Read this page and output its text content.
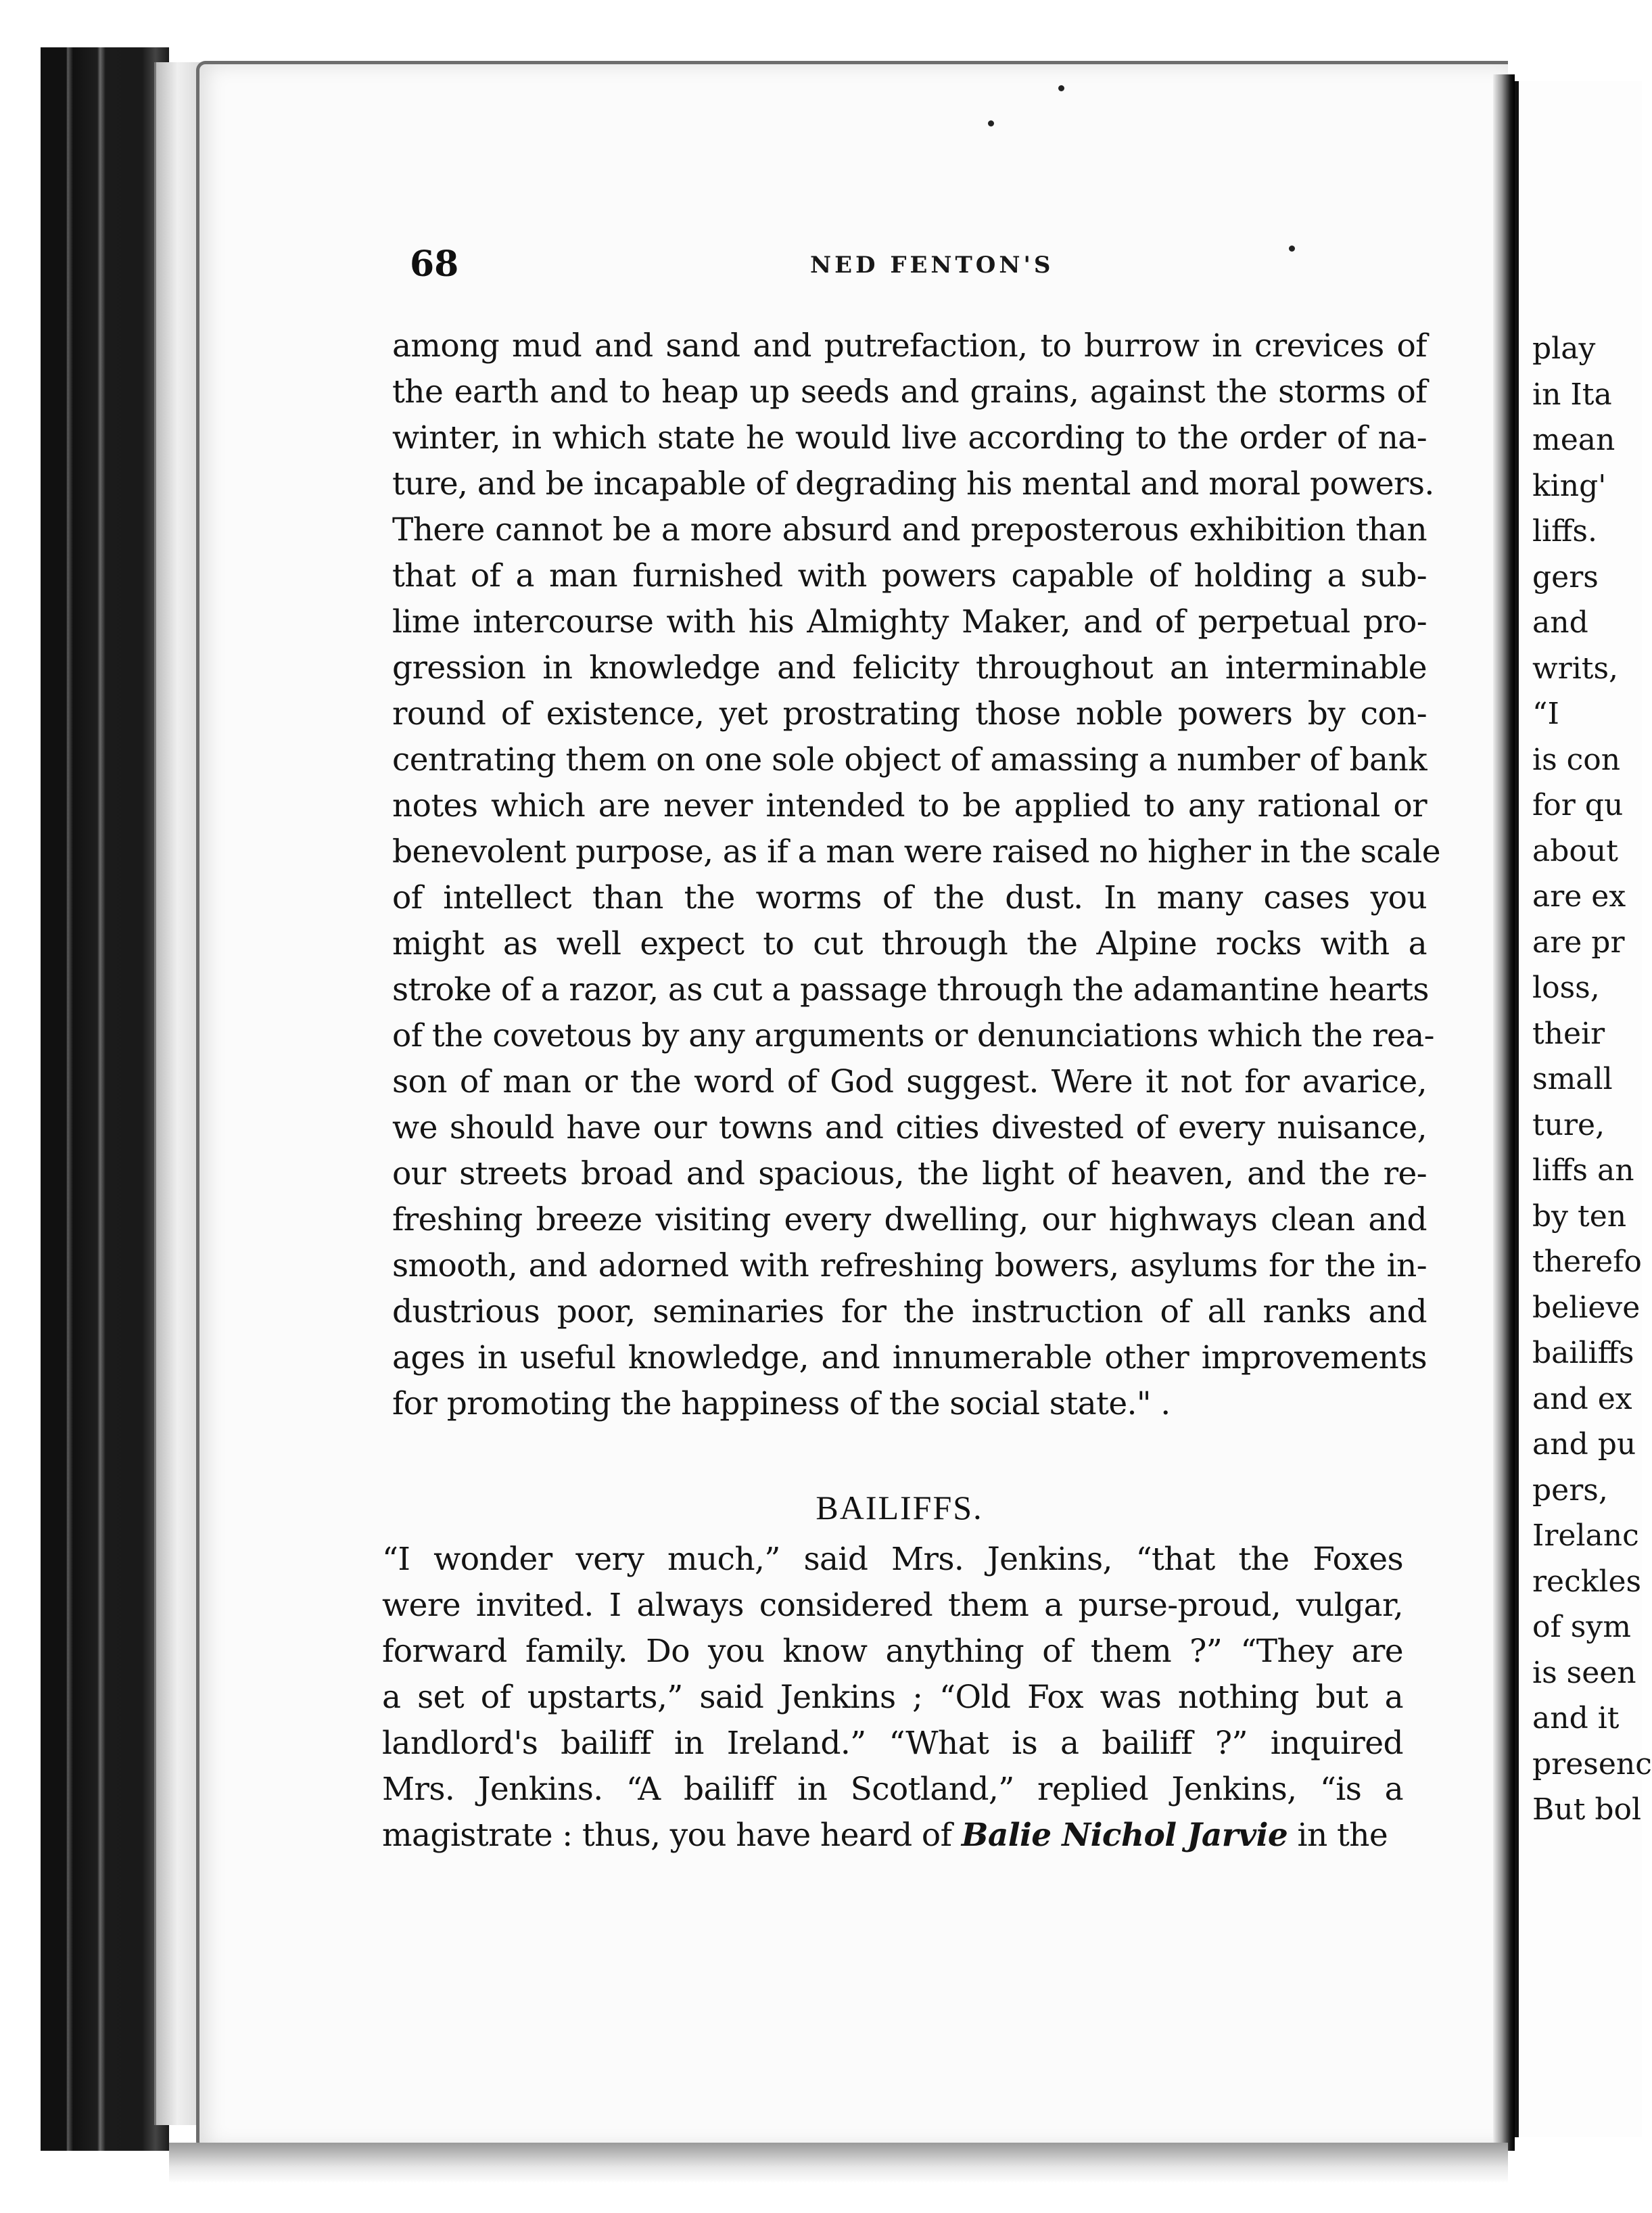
play
in Ita
mean
king'
liffs.
gers
and
writs,
“I
is con
for qu
about
are ex
are pr
loss,
their
small
ture,
liffs an
by ten
therefo
believe
bailiffs
and ex
and pu
pers,
Irelanc
reckles
of sym
is seen
and it
presenc
But bol
68	NED FENTON'S
among mud and sand and putrefaction, to burrow in crevices of
the earth and to heap up seeds and grains, against the storms of
winter, in which state he would live according to the order of na-
ture, and be incapable of degrading his mental and moral powers.
There cannot be a more absurd and preposterous exhibition than
that of a man furnished with powers capable of holding a sub-
lime intercourse with his Almighty Maker, and of perpetual pro-
gression in knowledge and felicity throughout an interminable
round of existence, yet prostrating those noble powers by con-
centrating them on one sole object of amassing a number of bank
notes which are never intended to be applied to any rational or
benevolent purpose, as if a man were raised no higher in the scale
of intellect than the worms of the dust. In many cases you
might as well expect to cut through the Alpine rocks with a
stroke of a razor, as cut a passage through the adamantine hearts
of the covetous by any arguments or denunciations which the rea-
son of man or the word of God suggest. Were it not for avarice,
we should have our towns and cities divested of every nuisance,
our streets broad and spacious, the light of heaven, and the re-
freshing breeze visiting every dwelling, our highways clean and
smooth, and adorned with refreshing bowers, asylums for the in-
dustrious poor, seminaries for the instruction of all ranks and
ages in useful knowledge, and innumerable other improvements
for promoting the happiness of the social state." .
BAILIFFS.
“I wonder very much,” said Mrs. Jenkins, “that the Foxes
were invited. I always considered them a purse-proud, vulgar,
forward family. Do you know anything of them ?” “They are
a set of upstarts,” said Jenkins ; “Old Fox was nothing but a
landlord's bailiff in Ireland.” “What is a bailiff ?” inquired
Mrs. Jenkins. “A bailiff in Scotland,” replied Jenkins, “is a
magistrate : thus, you have heard of Balie Nichol Jarvie in the
